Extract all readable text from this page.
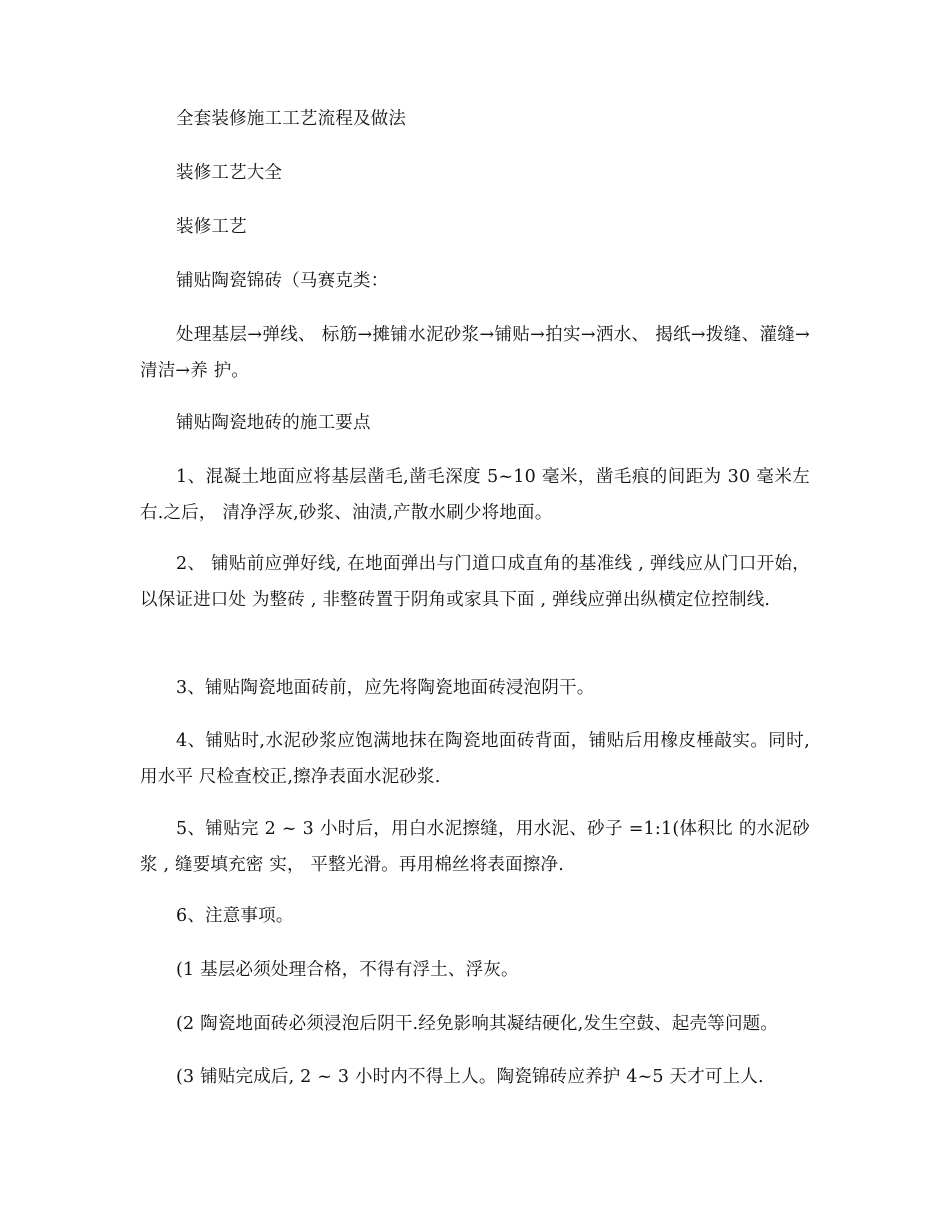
全套装修施工工艺流程及做法

装修工艺大全

装修工艺

铺贴陶瓷锦砖（马赛克类：

处理基层→弹线、 标筋→摊铺水泥砂浆→铺贴→拍实→洒水、 揭纸→拨缝、灌缝→清洁→养 护。

铺贴陶瓷地砖的施工要点

1、混凝土地面应将基层凿毛,凿毛深度 5~10 毫米，凿毛痕的间距为 30 毫米左右.之后， 清净浮灰,砂浆、油渍,产散水刷少将地面。

2、 铺贴前应弹好线, 在地面弹出与门道口成直角的基准线 , 弹线应从门口开始， 以保证进口处 为整砖 , 非整砖置于阴角或家具下面 , 弹线应弹出纵横定位控制线.

3、铺贴陶瓷地面砖前，应先将陶瓷地面砖浸泡阴干。

4、铺贴时,水泥砂浆应饱满地抹在陶瓷地面砖背面，铺贴后用橡皮棰敲实。同时,用水平 尺检查校正,擦净表面水泥砂浆.

5、铺贴完 2 ~ 3 小时后，用白水泥擦缝，用水泥、砂子 =1:1(体积比 的水泥砂浆 , 缝要填充密 实， 平整光滑。再用棉丝将表面擦净.

6、注意事项。

(1 基层必须处理合格，不得有浮土、浮灰。

(2 陶瓷地面砖必须浸泡后阴干.经免影响其凝结硬化,发生空鼓、起壳等问题。

(3 铺贴完成后, 2 ~ 3 小时内不得上人。陶瓷锦砖应养护 4~5 天才可上人.
